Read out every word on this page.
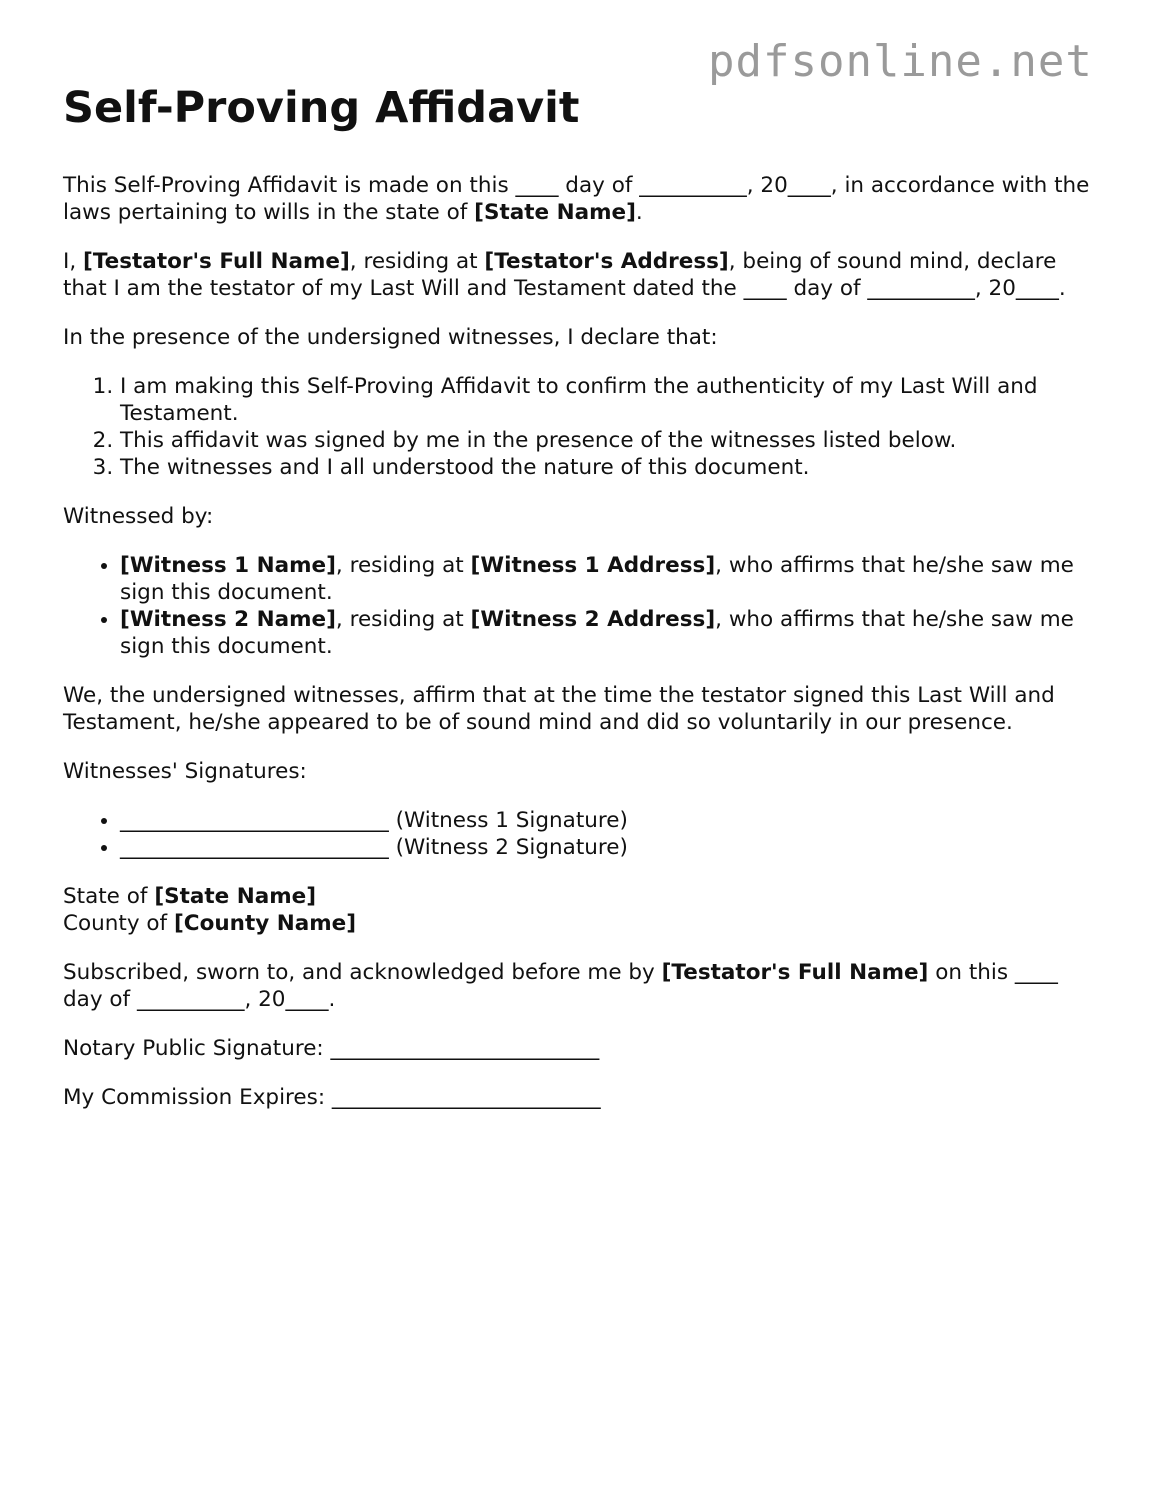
pdfsonline.net
Self-Proving Affidavit

This Self-Proving Affidavit is made on this ____ day of __________, 20____, in accordance with the laws pertaining to wills in the state of [State Name].

I, [Testator's Full Name], residing at [Testator's Address], being of sound mind, declare that I am the testator of my Last Will and Testament dated the ____ day of __________, 20____.

In the presence of the undersigned witnesses, I declare that:

1. I am making this Self-Proving Affidavit to confirm the authenticity of my Last Will and Testament.
2. This affidavit was signed by me in the presence of the witnesses listed below.
3. The witnesses and I all understood the nature of this document.

Witnessed by:

• [Witness 1 Name], residing at [Witness 1 Address], who affirms that he/she saw me sign this document.
• [Witness 2 Name], residing at [Witness 2 Address], who affirms that he/she saw me sign this document.

We, the undersigned witnesses, affirm that at the time the testator signed this Last Will and Testament, he/she appeared to be of sound mind and did so voluntarily in our presence.

Witnesses' Signatures:

• _________________________ (Witness 1 Signature)
• _________________________ (Witness 2 Signature)

State of [State Name]

County of [County Name]

Subscribed, sworn to, and acknowledged before me by [Testator's Full Name] on this ____ day of __________, 20____.

Notary Public Signature: _________________________

My Commission Expires: _________________________
